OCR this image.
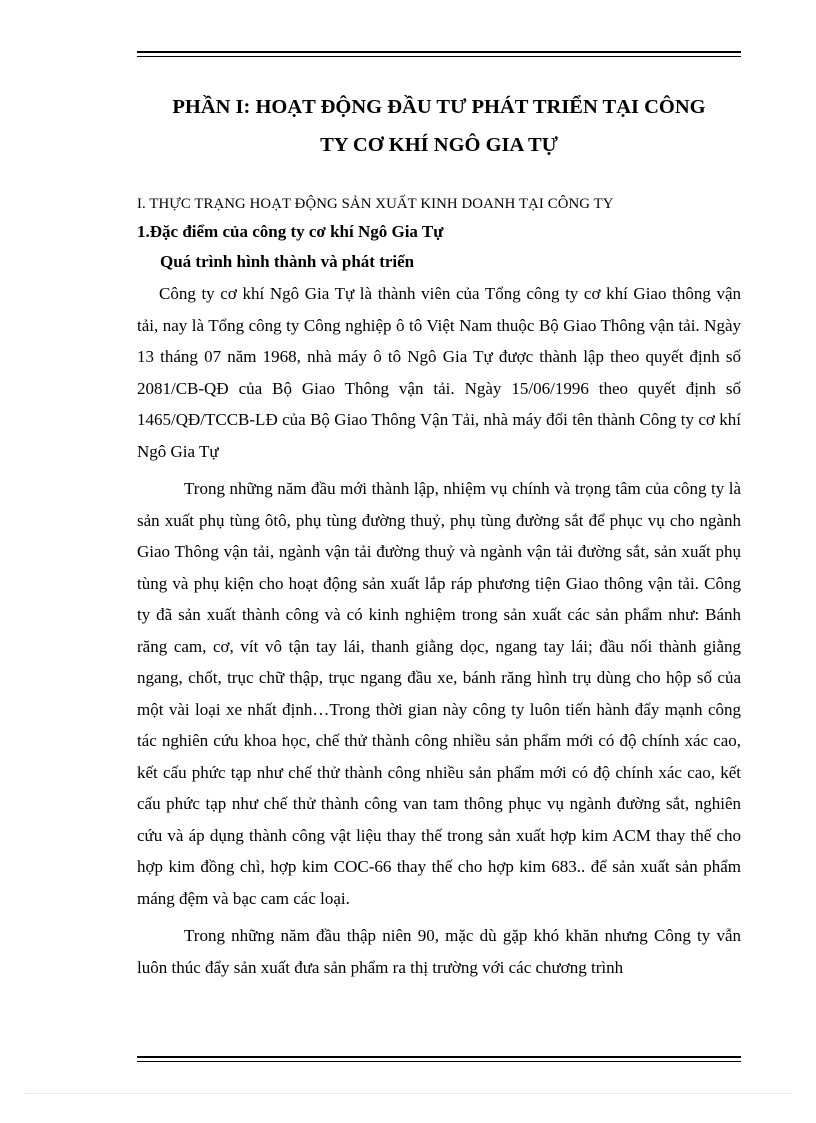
PHẦN I: HOẠT ĐỘNG ĐẦU TƯ PHÁT TRIỂN TẠI CÔNG
TY CƠ KHÍ NGÔ GIA TỰ
I. THỰC TRẠNG HOẠT ĐỘNG SẢN XUẤT KINH DOANH TẠI CÔNG TY
1.Đặc điểm của công ty cơ khí Ngô Gia Tự
Quá trình hình thành và phát triển

Công ty cơ khí Ngô Gia Tự là thành viên của Tổng công ty cơ khí Giao thông vận tải, nay là Tổng công ty Công nghiệp ô tô Việt Nam thuộc Bộ Giao Thông vận tải. Ngày 13 tháng 07 năm 1968, nhà máy ô tô Ngô Gia Tự được thành lập theo quyết định số 2081/CB-QĐ của Bộ Giao Thông vận tải. Ngày 15/06/1996 theo quyết định số 1465/QĐ/TCCB-LĐ của Bộ Giao Thông Vận Tải, nhà máy đổi tên thành Công ty cơ khí Ngô Gia Tự

Trong những năm đầu mới thành lập, nhiệm vụ chính và trọng tâm của công ty là sản xuất phụ tùng ôtô, phụ tùng đường thuỷ, phụ tùng đường sắt để phục vụ cho ngành Giao Thông vận tải, ngành vận tải đường thuỷ và ngành vận tải đường sắt, sản xuất phụ tùng và phụ kiện cho hoạt động sản xuất lắp ráp phương tiện Giao thông vận tải. Công ty đã sản xuất thành công và có kinh nghiệm trong sản xuất các sản phẩm như: Bánh răng cam, cơ, vít vô tận tay lái, thanh giằng dọc, ngang tay lái; đầu nối thành giằng ngang, chốt, trục chữ thập, trục ngang đầu xe, bánh răng hình trụ dùng cho hộp số của một vài loại xe nhất định…Trong thời gian này công ty luôn tiến hành đẩy mạnh công tác nghiên cứu khoa học, chế thử thành công nhiều sản phẩm mới có độ chính xác cao, kết cấu phức tạp như chế thử thành công nhiều sản phẩm mới có độ chính xác cao, kết cấu phức tạp như chế thử thành công van tam thông phục vụ ngành đường sắt, nghiên cứu và áp dụng thành công vật liệu thay thế trong sản xuất hợp kim ACM thay thế cho hợp kim đồng chì, hợp kim COC-66 thay thế cho hợp kim 683.. để sản xuất sản phẩm máng đệm và bạc cam các loại.

Trong những năm đầu thập niên 90, mặc dù gặp khó khăn nhưng Công ty vẫn luôn thúc đẩy sản xuất đưa sản phẩm ra thị trường với các chương trình
